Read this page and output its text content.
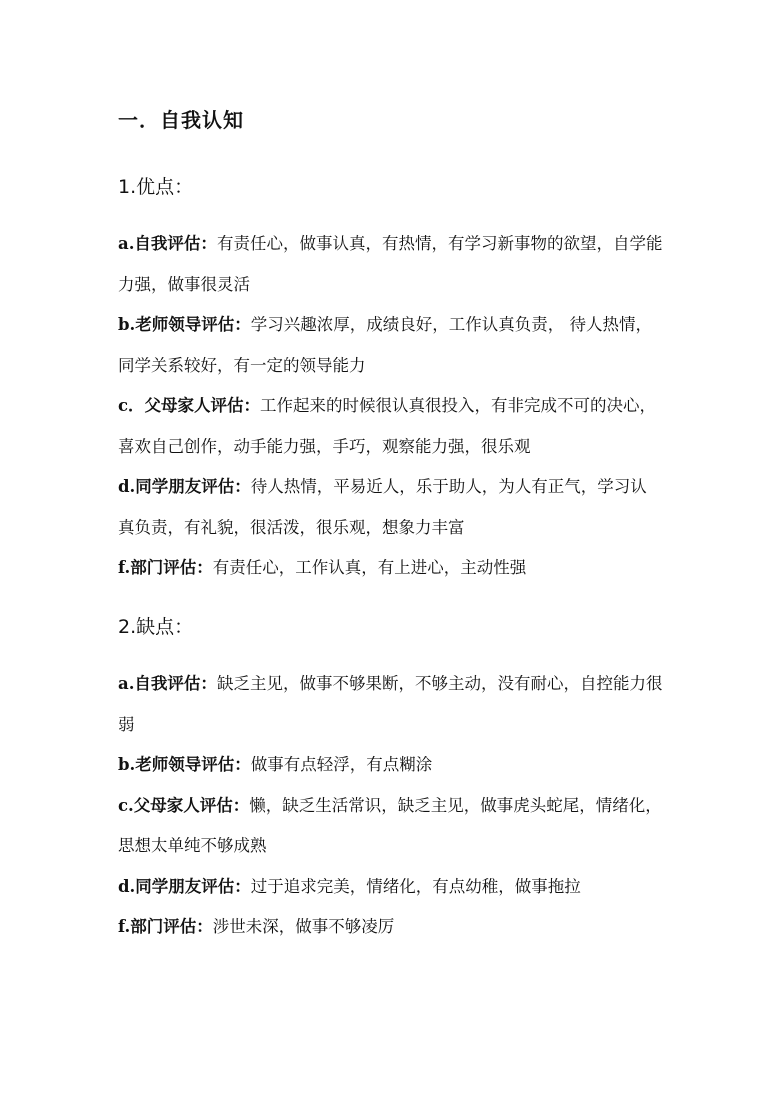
一．自我认知
1.优点：
a.自我评估：有责任心，做事认真，有热情，有学习新事物的欲望，自学能力强，做事很灵活
b.老师领导评估：学习兴趣浓厚，成绩良好，工作认真负责， 待人热情，同学关系较好，有一定的领导能力
c．父母家人评估：工作起来的时候很认真很投入，有非完成不可的决心，喜欢自己创作，动手能力强，手巧，观察能力强，很乐观
d.同学朋友评估：待人热情，平易近人，乐于助人，为人有正气，学习认真负责，有礼貌，很活泼，很乐观，想象力丰富
f.部门评估：有责任心，工作认真，有上进心，主动性强
2.缺点：
a.自我评估：缺乏主见，做事不够果断，不够主动，没有耐心，自控能力很弱
b.老师领导评估：做事有点轻浮，有点糊涂
c.父母家人评估：懒，缺乏生活常识，缺乏主见，做事虎头蛇尾，情绪化，思想太单纯不够成熟
d.同学朋友评估：过于追求完美，情绪化，有点幼稚，做事拖拉
f.部门评估：涉世未深，做事不够凌厉
